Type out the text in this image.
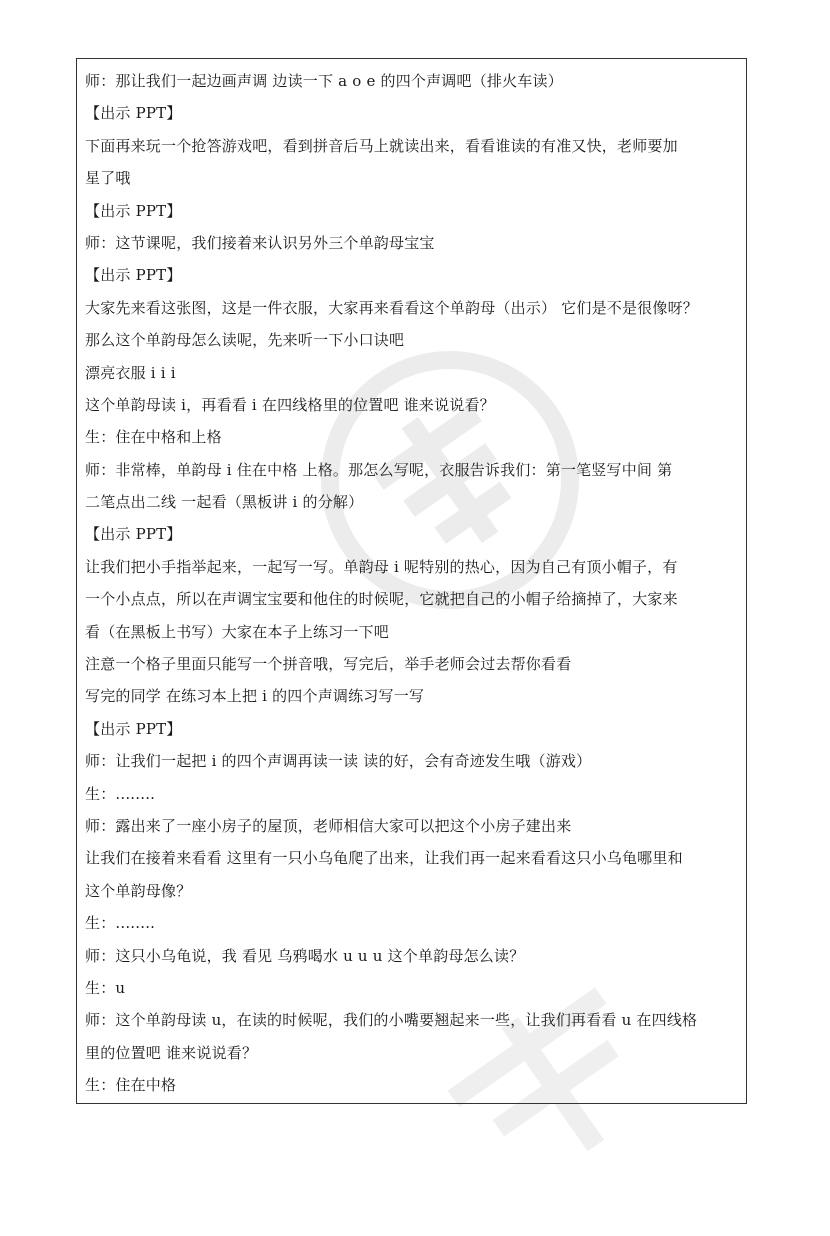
师：那让我们一起边画声调 边读一下 a o e 的四个声调吧（排火车读）
【出示 PPT】
下面再来玩一个抢答游戏吧，看到拼音后马上就读出来，看看谁读的有准又快，老师要加
星了哦
【出示 PPT】
师：这节课呢，我们接着来认识另外三个单韵母宝宝
【出示 PPT】
大家先来看这张图，这是一件衣服，大家再来看看这个单韵母（出示） 它们是不是很像呀？
那么这个单韵母怎么读呢，先来听一下小口诀吧
漂亮衣服 i i i
这个单韵母读 i，再看看 i 在四线格里的位置吧 谁来说说看？
生：住在中格和上格
师：非常棒，单韵母 i 住在中格 上格。那怎么写呢，衣服告诉我们：第一笔竖写中间 第
二笔点出二线 一起看（黑板讲 i 的分解）
【出示 PPT】
让我们把小手指举起来，一起写一写。单韵母 i 呢特别的热心，因为自己有顶小帽子，有
一个小点点，所以在声调宝宝要和他住的时候呢，它就把自己的小帽子给摘掉了，大家来
看（在黑板上书写）大家在本子上练习一下吧
注意一个格子里面只能写一个拼音哦，写完后，举手老师会过去帮你看看
写完的同学 在练习本上把 i 的四个声调练习写一写
【出示 PPT】
师：让我们一起把 i 的四个声调再读一读 读的好，会有奇迹发生哦（游戏）
生：........
师：露出来了一座小房子的屋顶，老师相信大家可以把这个小房子建出来
让我们在接着来看看 这里有一只小乌龟爬了出来，让我们再一起来看看这只小乌龟哪里和
这个单韵母像？
生：........
师：这只小乌龟说，我 看见 乌鸦喝水 u u u 这个单韵母怎么读？
生：u
师：这个单韵母读 u，在读的时候呢，我们的小嘴要翘起来一些，让我们再看看 u 在四线格
里的位置吧 谁来说说看？
生：住在中格
